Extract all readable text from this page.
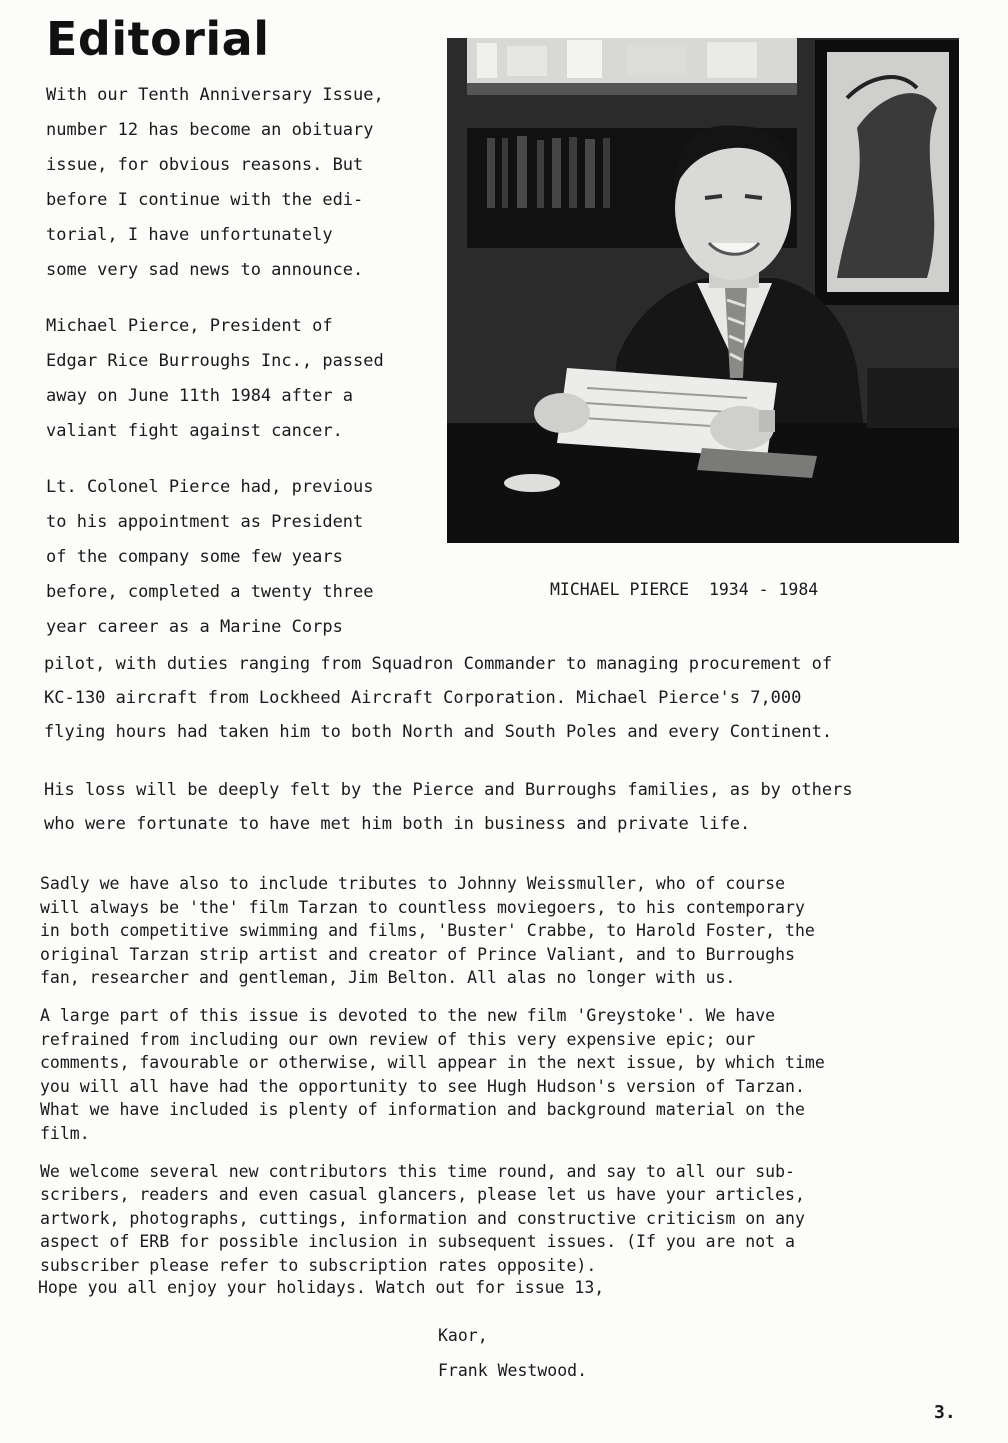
Editorial

With our Tenth Anniversary Issue,
number 12 has become an obituary
issue, for obvious reasons. But
before I continue with the edi-
torial, I have unfortunately
some very sad news to announce.

Michael Pierce, President of
Edgar Rice Burroughs Inc., passed
away on June 11th 1984 after a
valiant fight against cancer.

Lt. Colonel Pierce had, previous
to his appointment as President
of the company some few years
before, completed a twenty three
year career as a Marine Corps

MICHAEL PIERCE  1934 - 1984

pilot, with duties ranging from Squadron Commander to managing procurement of
KC-130 aircraft from Lockheed Aircraft Corporation. Michael Pierce's 7,000
flying hours had taken him to both North and South Poles and every Continent.

His loss will be deeply felt by the Pierce and Burroughs families, as by others
who were fortunate to have met him both in business and private life.

Sadly we have also to include tributes to Johnny Weissmuller, who of course
will always be 'the' film Tarzan to countless moviegoers, to his contemporary
in both competitive swimming and films, 'Buster' Crabbe, to Harold Foster, the
original Tarzan strip artist and creator of Prince Valiant, and to Burroughs
fan, researcher and gentleman, Jim Belton. All alas no longer with us.

A large part of this issue is devoted to the new film 'Greystoke'. We have
refrained from including our own review of this very expensive epic; our
comments, favourable or otherwise, will appear in the next issue, by which time
you will all have had the opportunity to see Hugh Hudson's version of Tarzan.
What we have included is plenty of information and background material on the
film.

We welcome several new contributors this time round, and say to all our sub-
scribers, readers and even casual glancers, please let us have your articles,
artwork, photographs, cuttings, information and constructive criticism on any
aspect of ERB for possible inclusion in subsequent issues. (If you are not a
subscriber please refer to subscription rates opposite).

Hope you all enjoy your holidays. Watch out for issue 13,
Kaor,
Frank Westwood.
3.
